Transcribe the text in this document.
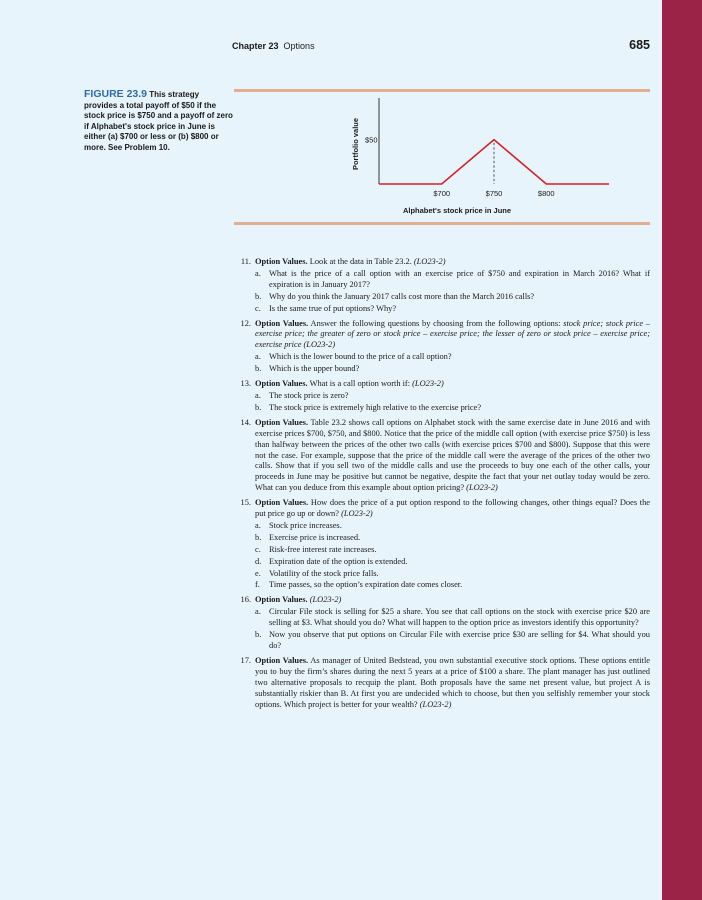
Chapter 23 Options	685
FIGURE 23.9 This strategy provides a total payoff of $50 if the stock price is $750 and a payoff of zero if Alphabet's stock price in June is either (a) $700 or less or (b) $800 or more. See Problem 10.	Portfolio value $50
$700	$750	$800
Alphabet's stock price in June
11. Option Values. Look at the data in Table 23.2. (LO23-2)
a. What is the price of a call option with an exercise price of $750 and expiration in March 2016? What if expiration is in January 2017?
b. Why do you think the January 2017 calls cost more than the March 2016 calls?
c. Is the same true of put options? Why?
12. Option Values. Answer the following questions by choosing from the following options: stock price; stock price – exercise price; the greater of zero or stock price – exercise price; the lesser of zero or stock price – exercise price; exercise price (LO23-2)
a. Which is the lower bound to the price of a call option?
b. Which is the upper bound?
13. Option Values. What is a call option worth if: (LO23-2)
a. The stock price is zero?
b. The stock price is extremely high relative to the exercise price?
14. Option Values. Table 23.2 shows call options on Alphabet stock with the same exercise date in June 2016 and with exercise prices $700, $750, and $800. Notice that the price of the middle call option (with exercise price $750) is less than halfway between the prices of the other two calls (with exercise prices $700 and $800). Suppose that this were not the case. For example, suppose that the price of the middle call were the average of the prices of the other two calls. Show that if you sell two of the middle calls and use the proceeds to buy one each of the other calls, your proceeds in June may be positive but cannot be negative, despite the fact that your net outlay today would be zero. What can you deduce from this example about option pricing? (LO23-2)
15. Option Values. How does the price of a put option respond to the following changes, other things equal? Does the put price go up or down? (LO23-2)
a. Stock price increases.
b. Exercise price is increased.
c. Risk-free interest rate increases.
d. Expiration date of the option is extended.
e. Volatility of the stock price falls.
f. Time passes, so the option’s expiration date comes closer.
16. Option Values. (LO23-2)
a. Circular File stock is selling for $25 a share. You see that call options on the stock with exercise price $20 are selling at $3. What should you do? What will happen to the option price as investors identify this opportunity?
b. Now you observe that put options on Circular File with exercise price $30 are selling for $4. What should you do?
17. Option Values. As manager of United Bedstead, you own substantial executive stock options. These options entitle you to buy the firm’s shares during the next 5 years at a price of $100 a share. The plant manager has just outlined two alternative proposals to recquip the plant. Both proposals have the same net present value, but project A is substantially riskier than B. At first you are undecided which to choose, but then you selfishly remember your stock options. Which project is better for your wealth? (LO23-2)
